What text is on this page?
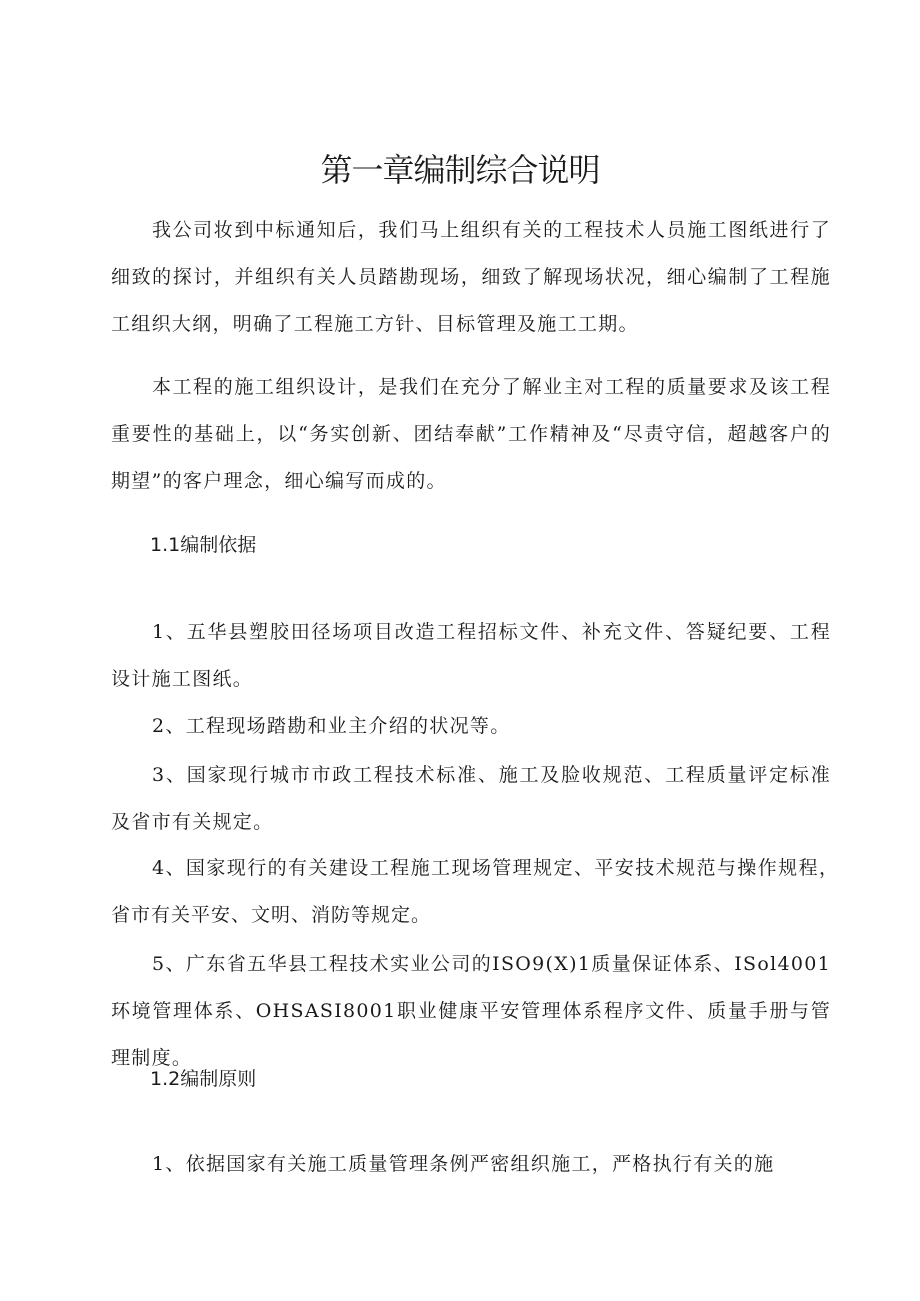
第一章编制综合说明

我公司妆到中标通知后，我们马上组织有关的工程技术人员施工图纸进行了细致的探讨，并组织有关人员踏勘现场，细致了解现场状况，细心编制了工程施工组织大纲，明确了工程施工方针、目标管理及施工工期。

本工程的施工组织设计，是我们在充分了解业主对工程的质量要求及该工程重要性的基础上，以“务实创新、团结奉献”工作精神及“尽责守信，超越客户的期望”的客户理念，细心编写而成的。

1.1编制依据

1、五华县塑胶田径场项目改造工程招标文件、补充文件、答疑纪要、工程设计施工图纸。

2、工程现场踏勘和业主介绍的状况等。

3、国家现行城市市政工程技术标准、施工及脸收规范、工程质量评定标准及省市有关规定。

4、国家现行的有关建设工程施工现场管理规定、平安技术规范与操作规程，省市有关平安、文明、消防等规定。

5、广东省五华县工程技术实业公司的ISO9(X)1质量保证体系、ISol4001环境管理体系、OHSASI8001职业健康平安管理体系程序文件、质量手册与管理制度。

1.2编制原则

1、依据国家有关施工质量管理条例严密组织施工，严格执行有关的施
